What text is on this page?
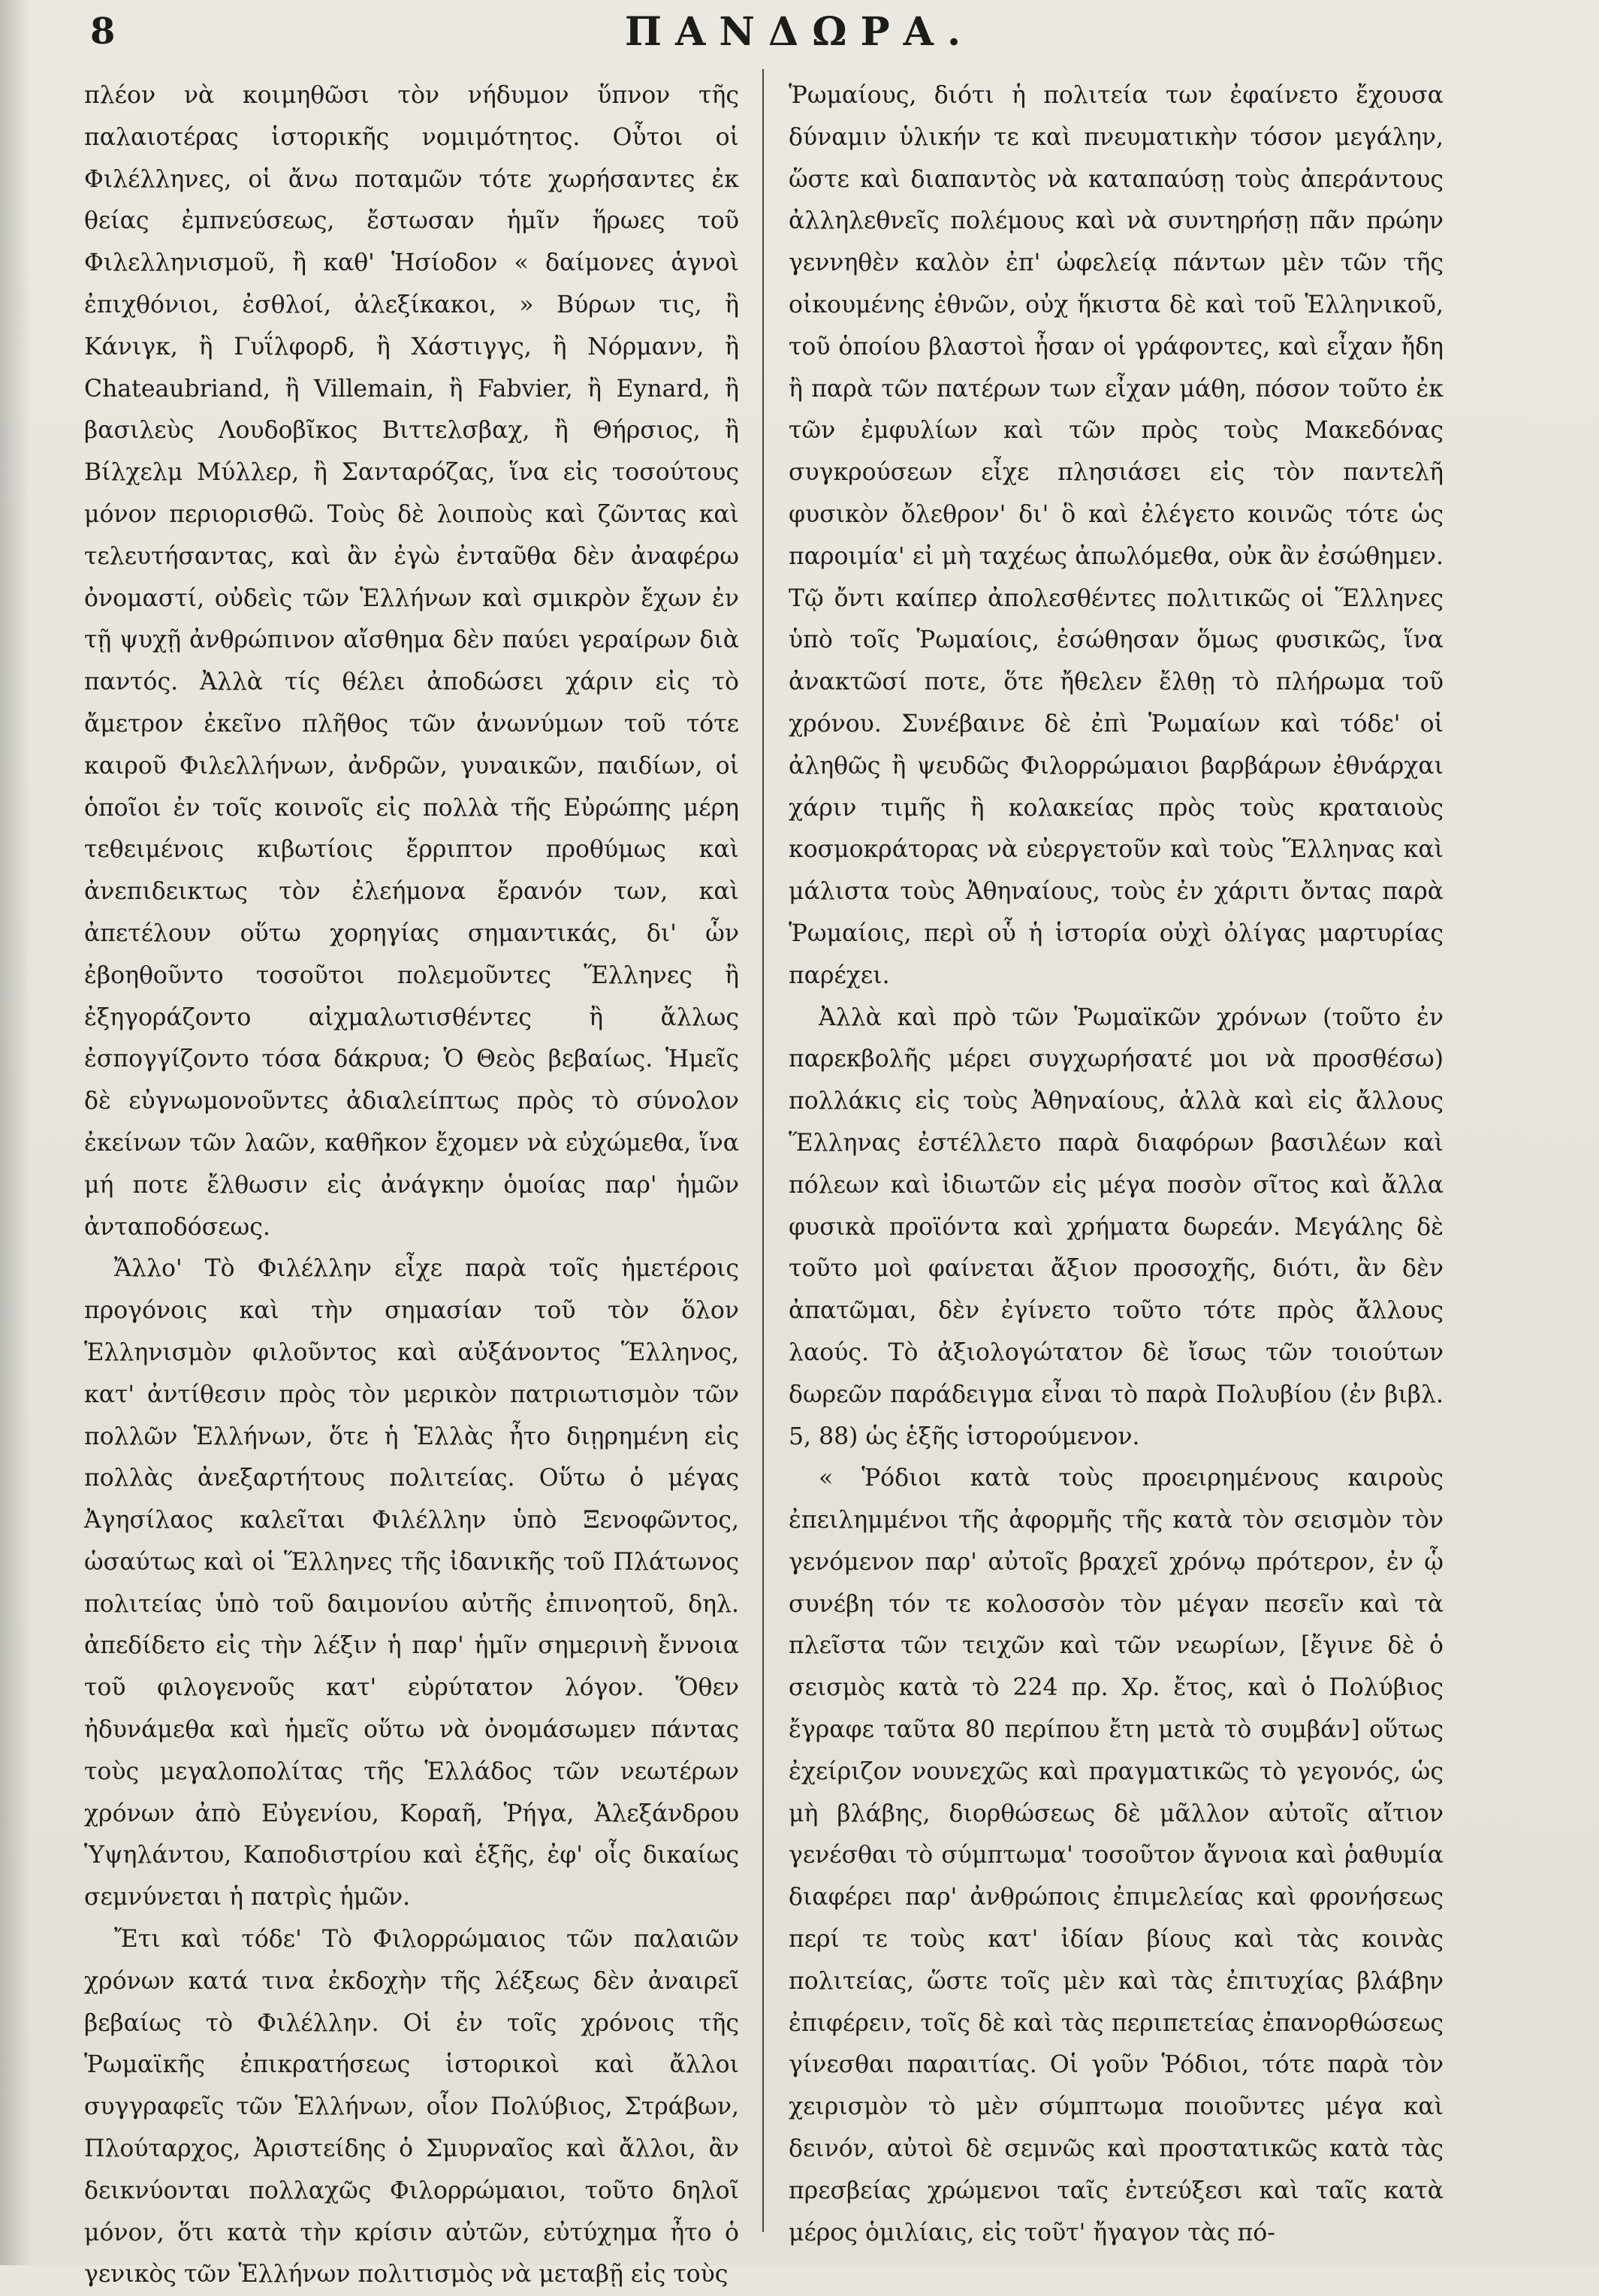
8	ΠΑΝΔΩΡΑ.

πλέον νὰ κοιμηθῶσι τὸν νήδυμον ὕπνον τῆς παλαιοτέρας ἱστορικῆς νομιμότητος. Οὗτοι οἱ Φιλέλληνες, οἱ ἄνω ποταμῶν τότε χωρήσαντες ἐκ θείας ἐμπνεύσεως, ἔστωσαν ἡμῖν ἥρωες τοῦ Φιλελληνισμοῦ, ἢ καθ' Ἡσίοδον « δαίμονες ἁγνοὶ ἐπιχθόνιοι, ἐσθλοί, ἀλεξίκακοι, » Βύρων τις, ἢ Κάνιγκ, ἢ Γυΐλφορδ, ἢ Χάστιγγς, ἢ Νόρμανν, ἢ Chateaubriand, ἢ Villemain, ἢ Fabvier, ἢ Eynard, ἢ βασιλεὺς Λουδοβῖκος Βιττελσβαχ, ἢ Θήρσιος, ἢ Βίλχελμ Μύλλερ, ἢ Σανταρόζας, ἵνα εἰς τοσούτους μόνον περιορισθῶ. Τοὺς δὲ λοιποὺς καὶ ζῶντας καὶ τελευτήσαντας, καὶ ἂν ἐγὼ ἐνταῦθα δὲν ἀναφέρω ὀνομαστί, οὐδεὶς τῶν Ἑλλήνων καὶ σμικρὸν ἔχων ἐν τῇ ψυχῇ ἀνθρώπινον αἴσθημα δὲν παύει γεραίρων διὰ παντός. Ἀλλὰ τίς θέλει ἀποδώσει χάριν εἰς τὸ ἄμετρον ἐκεῖνο πλῆθος τῶν ἀνωνύμων τοῦ τότε καιροῦ Φιλελλήνων, ἀνδρῶν, γυναικῶν, παιδίων, οἱ ὁποῖοι ἐν τοῖς κοινοῖς εἰς πολλὰ τῆς Εὐρώπης μέρη τεθειμένοις κιβωτίοις ἔρριπτον προθύμως καὶ ἀνεπιδεικτως τὸν ἐλεήμονα ἔρανόν των, καὶ ἀπετέλουν οὕτω χορηγίας σημαντικάς, δι' ὧν ἐβοηθοῦντο τοσοῦτοι πολεμοῦντες Ἕλληνες ἢ ἐξηγοράζοντο αἰχμαλωτισθέντες ἢ ἄλλως ἐσπογγίζοντο τόσα δάκρυα; Ὁ Θεὸς βεβαίως. Ἡμεῖς δὲ εὐγνωμονοῦντες ἀδιαλείπτως πρὸς τὸ σύνολον ἐκείνων τῶν λαῶν, καθῆκον ἔχομεν νὰ εὐχώμεθα, ἵνα μή ποτε ἔλθωσιν εἰς ἀνάγκην ὁμοίας παρ' ἡμῶν ἀνταποδόσεως.

Ἄλλο' Τὸ Φιλέλλην εἶχε παρὰ τοῖς ἡμετέροις προγόνοις καὶ τὴν σημασίαν τοῦ τὸν ὅλον Ἑλληνισμὸν φιλοῦντος καὶ αὐξάνοντος Ἕλληνος, κατ' ἀντίθεσιν πρὸς τὸν μερικὸν πατριωτισμὸν τῶν πολλῶν Ἑλλήνων, ὅτε ἡ Ἑλλὰς ἦτο διῃρημένη εἰς πολλὰς ἀνεξαρτήτους πολιτείας. Οὕτω ὁ μέγας Ἀγησίλαος καλεῖται Φιλέλλην ὑπὸ Ξενοφῶντος, ὡσαύτως καὶ οἱ Ἕλληνες τῆς ἰδανικῆς τοῦ Πλάτωνος πολιτείας ὑπὸ τοῦ δαιμονίου αὐτῆς ἐπινοητοῦ, δηλ. ἀπεδίδετο εἰς τὴν λέξιν ἡ παρ' ἡμῖν σημερινὴ ἔννοια τοῦ φιλογενοῦς κατ' εὐρύτατον λόγον. Ὅθεν ἠδυνάμεθα καὶ ἡμεῖς οὕτω νὰ ὀνομάσωμεν πάντας τοὺς μεγαλοπολίτας τῆς Ἑλλάδος τῶν νεωτέρων χρόνων ἀπὸ Εὐγενίου, Κοραῆ, Ῥήγα, Ἀλεξάνδρου Ὑψηλάντου, Καποδιστρίου καὶ ἑξῆς, ἐφ' οἷς δικαίως σεμνύνεται ἡ πατρὶς ἡμῶν.

Ἔτι καὶ τόδε' Τὸ Φιλορρώμαιος τῶν παλαιῶν χρόνων κατά τινα ἐκδοχὴν τῆς λέξεως δὲν ἀναιρεῖ βεβαίως τὸ Φιλέλλην. Οἱ ἐν τοῖς χρόνοις τῆς Ῥωμαϊκῆς ἐπικρατήσεως ἱστορικοὶ καὶ ἄλλοι συγγραφεῖς τῶν Ἑλλήνων, οἷον Πολύβιος, Στράβων, Πλούταρχος, Ἀριστείδης ὁ Σμυρναῖος καὶ ἄλλοι, ἂν δεικνύονται πολλαχῶς Φιλορρώμαιοι, τοῦτο δηλοῖ μόνον, ὅτι κατὰ τὴν κρίσιν αὐτῶν, εὐτύχημα ἦτο ὁ γενικὸς τῶν Ἑλλήνων πολιτισμὸς νὰ μεταβῇ εἰς τοὺς

Ῥωμαίους, διότι ἡ πολιτεία των ἐφαίνετο ἔχουσα δύναμιν ὑλικήν τε καὶ πνευματικὴν τόσον μεγάλην, ὥστε καὶ διαπαντὸς νὰ καταπαύσῃ τοὺς ἀπεράντους ἀλληλεθνεῖς πολέμους καὶ νὰ συντηρήσῃ πᾶν πρώην γεννηθὲν καλὸν ἐπ' ὠφελείᾳ πάντων μὲν τῶν τῆς οἰκουμένης ἐθνῶν, οὐχ ἥκιστα δὲ καὶ τοῦ Ἑλληνικοῦ, τοῦ ὁποίου βλαστοὶ ἦσαν οἱ γράφοντες, καὶ εἶχαν ἤδη ἢ παρὰ τῶν πατέρων των εἶχαν μάθη, πόσον τοῦτο ἐκ τῶν ἐμφυλίων καὶ τῶν πρὸς τοὺς Μακεδόνας συγκρούσεων εἶχε πλησιάσει εἰς τὸν παντελῆ φυσικὸν ὄλεθρον' δι' ὃ καὶ ἐλέγετο κοινῶς τότε ὡς παροιμία' εἰ μὴ ταχέως ἀπωλόμεθα, οὐκ ἂν ἐσώθημεν. Τῷ ὄντι καίπερ ἀπολεσθέντες πολιτικῶς οἱ Ἕλληνες ὑπὸ τοῖς Ῥωμαίοις, ἐσώθησαν ὅμως φυσικῶς, ἵνα ἀνακτῶσί ποτε, ὅτε ἤθελεν ἔλθῃ τὸ πλήρωμα τοῦ χρόνου. Συνέβαινε δὲ ἐπὶ Ῥωμαίων καὶ τόδε' οἱ ἀληθῶς ἢ ψευδῶς Φιλορρώμαιοι βαρβάρων ἐθνάρχαι χάριν τιμῆς ἢ κολακείας πρὸς τοὺς κραταιοὺς κοσμοκράτορας νὰ εὐεργετοῦν καὶ τοὺς Ἕλληνας καὶ μάλιστα τοὺς Ἀθηναίους, τοὺς ἐν χάριτι ὄντας παρὰ Ῥωμαίοις, περὶ οὗ ἡ ἱστορία οὐχὶ ὀλίγας μαρτυρίας παρέχει.

Ἀλλὰ καὶ πρὸ τῶν Ῥωμαϊκῶν χρόνων (τοῦτο ἐν παρεκβολῆς μέρει συγχωρήσατέ μοι νὰ προσθέσω) πολλάκις εἰς τοὺς Ἀθηναίους, ἀλλὰ καὶ εἰς ἄλλους Ἕλληνας ἐστέλλετο παρὰ διαφόρων βασιλέων καὶ πόλεων καὶ ἰδιωτῶν εἰς μέγα ποσὸν σῖτος καὶ ἄλλα φυσικὰ προϊόντα καὶ χρήματα δωρεάν. Μεγάλης δὲ τοῦτο μοὶ φαίνεται ἄξιον προσοχῆς, διότι, ἂν δὲν ἀπατῶμαι, δὲν ἐγίνετο τοῦτο τότε πρὸς ἄλλους λαούς. Τὸ ἀξιολογώτατον δὲ ἴσως τῶν τοιούτων δωρεῶν παράδειγμα εἶναι τὸ παρὰ Πολυβίου (ἐν βιβλ. 5, 88) ὡς ἑξῆς ἱστορούμενον.

« Ῥόδιοι κατὰ τοὺς προειρημένους καιροὺς ἐπειλημμένοι τῆς ἀφορμῆς τῆς κατὰ τὸν σεισμὸν τὸν γενόμενον παρ' αὐτοῖς βραχεῖ χρόνῳ πρότερον, ἐν ᾧ συνέβη τόν τε κολοσσὸν τὸν μέγαν πεσεῖν καὶ τὰ πλεῖστα τῶν τειχῶν καὶ τῶν νεωρίων, [ἔγινε δὲ ὁ σεισμὸς κατὰ τὸ 224 πρ. Χρ. ἔτος, καὶ ὁ Πολύβιος ἔγραφε ταῦτα 80 περίπου ἔτη μετὰ τὸ συμβάν] οὕτως ἐχείριζον νουνεχῶς καὶ πραγματικῶς τὸ γεγονός, ὡς μὴ βλάβης, διορθώσεως δὲ μᾶλλον αὐτοῖς αἴτιον γενέσθαι τὸ σύμπτωμα' τοσοῦτον ἄγνοια καὶ ῥαθυμία διαφέρει παρ' ἀνθρώποις ἐπιμελείας καὶ φρονήσεως περί τε τοὺς κατ' ἰδίαν βίους καὶ τὰς κοινὰς πολιτείας, ὥστε τοῖς μὲν καὶ τὰς ἐπιτυχίας βλάβην ἐπιφέρειν, τοῖς δὲ καὶ τὰς περιπετείας ἐπανορθώσεως γίνεσθαι παραιτίας. Οἱ γοῦν Ῥόδιοι, τότε παρὰ τὸν χειρισμὸν τὸ μὲν σύμπτωμα ποιοῦντες μέγα καὶ δεινόν, αὐτοὶ δὲ σεμνῶς καὶ προστατικῶς κατὰ τὰς πρεσβείας χρώμενοι ταῖς ἐντεύξεσι καὶ ταῖς κατὰ μέρος ὁμιλίαις, εἰς τοῦτ' ἤγαγον τὰς πό-
